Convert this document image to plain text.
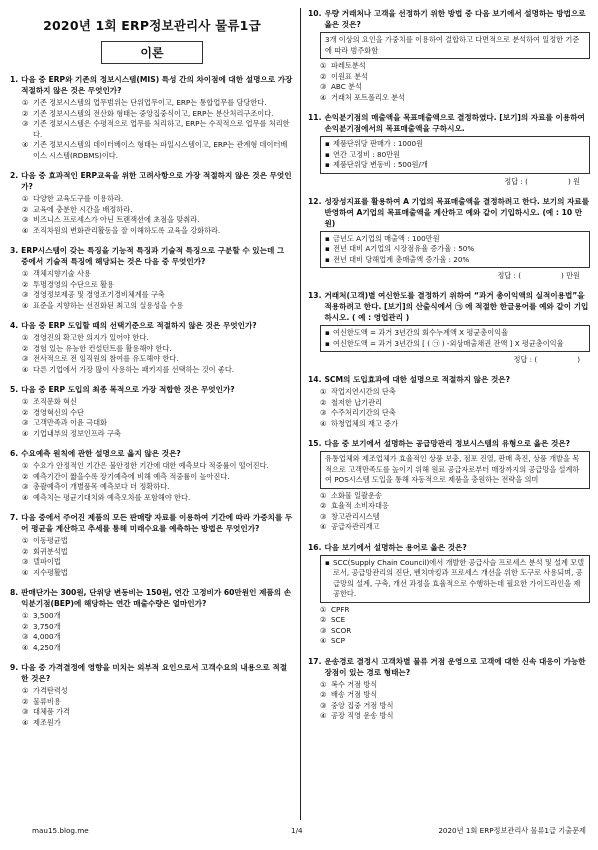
2020년 1회 ERP정보관리사 물류1급
이론
1. 다음 중 ERP와 기존의 정보시스템(MIS) 특성 간의 차이점에 대한 설명으로 가장 적절하지 않은 것은 무엇인가?
① 기존 정보시스템의 업무범위는 단위업무이고, ERP는 통합업무를 담당한다.
② 기존 정보시스템의 전산화 형태는 중앙집중식이고, ERP는 분산처리구조이다.
③ 기존 정보시스템은 수평적으로 업무를 처리하고, ERP는 수직적으로 업무를 처리한다.
④ 기존 정보시스템의 데이터베이스 형태는 파일시스템이고, ERP는 관계형 데이터베이스 시스템(RDBMS)이다.
2. 다음 중 효과적인 ERP교육을 위한 고려사항으로 가장 적절하지 않은 것은 무엇인가?
① 다양한 교육도구를 이용하라.
② 교육에 충분한 시간을 배정하라.
③ 비즈니스 프로세스가 아닌 트랜잭션에 초점을 맞춰라.
④ 조직차원의 변화관리활동을 잘 이해하도록 교육을 강화하라.
3. ERP시스템이 갖는 특징을 기능적 특징과 기술적 특징으로 구분할 수 있는데 그 중에서 기술적 특징에 해당되는 것은 다음 중 무엇인가?
① 객체지향기술 사용
② 투명경영의 수단으로 활용
③ 경영정보제공 및 경영조기경비체계를 구축
④ 표준을 지향하는 선진화된 최고의 실용성을 수용
4. 다음 중 ERP 도입할 때의 선택기준으로 적절하지 않은 것은 무엇인가?
① 경영진의 확고한 의지가 있어야 한다.
② 경험 있는 유능한 컨설턴트를 활용해야 한다.
③ 전사적으로 전 임직원의 참여를 유도해야 한다.
④ 다른 기업에서 가장 많이 사용하는 패키지를 선택하는 것이 좋다.
5. 다음 중 ERP 도입의 최종 목적으로 가장 적합한 것은 무엇인가?
① 조직문화 혁신
② 경영혁신의 수단
③ 고객만족과 이윤 극대화
④ 기업내부의 정보인프라 구축
6. 수요예측 원칙에 관한 설명으로 옳지 않은 것은?
① 수요가 안정적인 기간은 불안정한 기간에 대한 예측보다 적중률이 떨어진다.
② 예측기간이 짧을수록 장기예측에 비해 예측 적중률이 높아진다.
③ 총괄예측이 개별품목 예측보다 더 정확하다.
④ 예측치는 평균기대치와 예측오차를 포함해야 한다.
7. 다음 중에서 주어진 제품의 모든 판매량 자료를 이용하여 기간에 따라 가중치를 두어 평균을 계산하고 추세를 통해 미래수요를 예측하는 방법은 무엇인가?
① 이동평균법
② 회귀분석법
③ 델파이법
④ 지수평활법
8. 판매단가는 300원, 단위당 변동비는 150원, 연간 고정비가 60만원인 제품의 손익분기점(BEP)에 해당하는 연간 매출수량은 얼마인가?
① 3,500개
② 3,750개
③ 4,000개
④ 4,250개
9. 다음 중 가격결정에 영향을 미치는 외부적 요인으로서 고객수요의 내용으로 적절한 것은?
① 가격탄력성
② 물류비용
③ 대체품 가격
④ 제조원가
10. 우량 거래처나 고객을 선정하기 위한 방법 중 다음 보기에서 설명하는 방법으로 옳은 것은?
3개 이상의 요인을 가중치를 이용하여 결합하고 다면적으로 분석하여 일정한 기준에 따라 범주화함
① 파레토분석
② 이원표 분석
③ ABC 분석
④ 거래처 포트폴리오 분석
11. 손익분기점의 매출액을 목표매출액으로 결정하였다. [보기]의 자료를 이용하여 손익분기점에서의 목표매출액을 구하시오.
▪ 제품단위당 판매가 : 1000원
▪ 연간 고정비 : 80만원
▪ 제품단위당 변동비 : 500원/개
정답 : (	) 원
12. 성장성지표를 활용하여 A 기업의 목표매출액을 결정하려고 한다. 보기의 자료를 반영하여 A기업의 목표매출액을 계산하고 예와 같이 기입하시오. (예 : 10 만원)
▪ 금년도 A기업의 매출액 : 100만원
▪ 전년 대비 A기업의 시장점유율 증가율 : 50%
▪ 전년 대비 당해업계 총매출액 증가율 : 20%
정답 : (	) 만원
13. 거래처(고객)별 여신한도를 결정하기 위하여 “과거 총이익액의 실적이용법”을 적용하려고 한다. [보기]의 산출식에서 ㉠ 에 적절한 한글용어를 예와 같이 기입하시오. ( 예 : 영업관리 )
▪ 여신한도액 = 과거 3년간의 회수누계액 X 평균총이익율
▪ 여신한도액 = 과거 3년간의 [ ( ㉠ ) -외상매출채권 잔액 ] X 평균총이익율
정답 : (	)
14. SCM의 도입효과에 대한 설명으로 적절하지 않은 것은?
① 작업지연시간의 단축
② 철저한 납기관리
③ 수주처리기간의 단축
④ 하청업체의 재고 증가
15. 다음 중 보기에서 설명하는 공급망관리 정보시스템의 유형으로 옳은 것은?
유통업체와 제조업체가 효율적인 상품 보충, 점포 진열, 판매 촉진, 상품 개발을 목적으로 고객만족도를 높이기 위해 원료 공급자로부터 매장까지의 공급망을 설계하여 POS시스템 도입을 통해 자동적으로 제품을 충원하는 전략을 의미
① 소화물 일괄운송
② 효율적 소비자대응
③ 창고관리시스템
④ 공급자관리재고
16. 다음 보기에서 설명하는 용어로 옳은 것은?
▪ SCC(Supply Chain Council)에서 개발한 공급사슬 프로세스 분석 및 설계 모델로서, 공급망관리의 진단, 벤치마킹과 프로세스 개선을 위한 도구로 사용되며, 공급망의 설계, 구축, 개선 과정을 효율적으로 수행하는데 필요한 가이드라인을 제공한다.
① CPFR
② SCE
③ SCOR
④ SCP
17. 운송경로 결정시 고객차별 물류 거점 운영으로 고객에 대한 신속 대응이 가능한 장점이 있는 경로 형태는?
① 복수 거점 방식
② 배송 거점 방식
③ 중앙 집중 거점 방식
④ 공장 직영 운송 방식
mau15.blog.me	1/4	2020년 1회 ERP정보관리사 물류1급 기출문제
